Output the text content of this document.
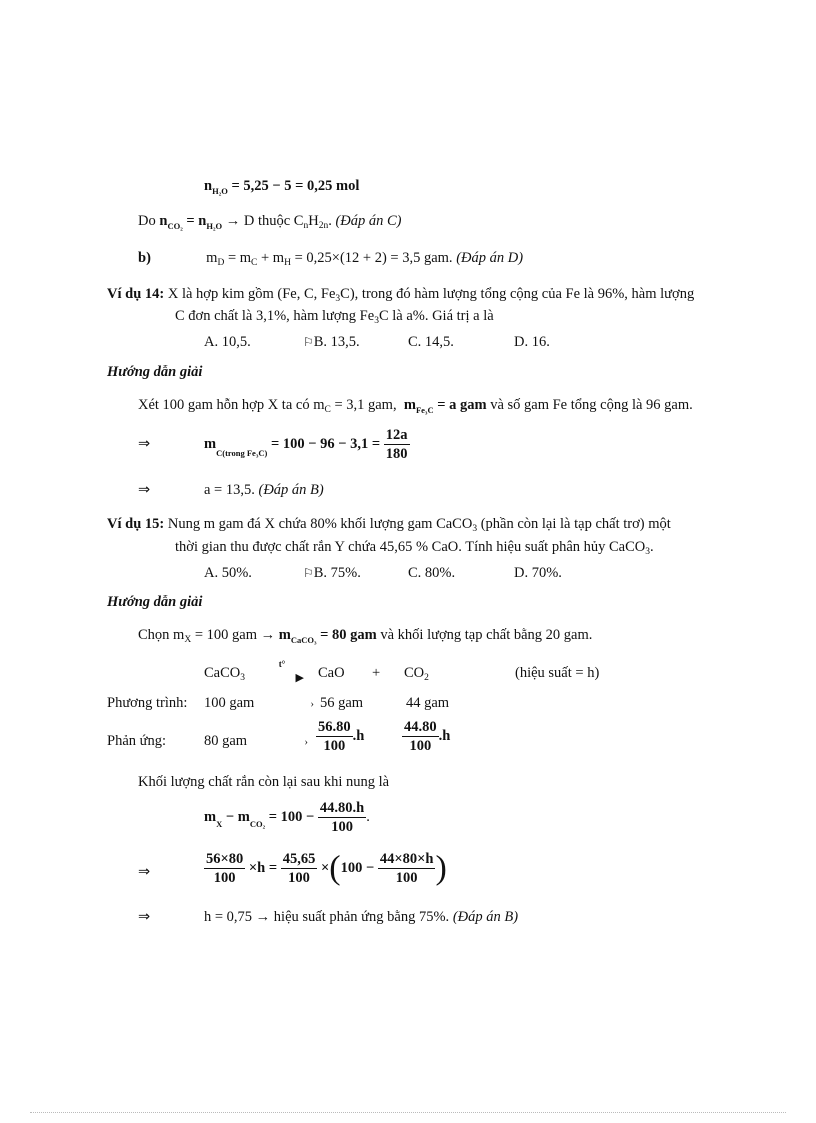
$n_{H_2O} = 5,25 - 5 = 0,25$ mol
Do $n_{CO_2} = n_{H_2O} \to D$ thuộc $C_nH_{2n}$. (Đáp án C)
b)	$m_D = m_C + m_H = 0,25\times(12 + 2) = 3,5$ gam. (Đáp án D)
Ví dụ 14: X là hợp kim gồm (Fe, C, $Fe_3C$), trong đó hàm lượng tổng cộng của Fe là 96%, hàm lượng
C đơn chất là 3,1%, hàm lượng $Fe_3C$ là a%. Giá trị a là
A. 10,5.	⚐B. 13,5.	C. 14,5.	D. 16.
Hướng dẫn giải
Xét 100 gam hỗn hợp X ta có $m_C = 3,1$ gam, $m_{Fe_3C} = a$ gam và số gam Fe tổng cộng là 96 gam.
⇒	$m_{C(trong Fe_3C)} = 100 - 96 - 3,1 = \frac{12a}{180}$
⇒	a = 13,5. (Đáp án B)
Ví dụ 15: Nung m gam đá X chứa 80% khối lượng gam CaCO$_3$ (phần còn lại là tạp chất trơ) một
thời gian thu được chất rắn Y chứa 45,65 % CaO. Tính hiệu suất phân hủy CaCO$_3$.
A. 50%.	⚐B. 75%.	C. 80%.	D. 70%.
Hướng dẫn giải
Chọn $m_X = 100$ gam → $m_{CaCO_3} = 80$ gam và khối lượng tạp chất bằng 20 gam.
CaCO$_3$
t°
▶ CaO + $CO_2$	(hiệu suất = h)
Phương trình: 100 gam	› 56 gam	44 gam
Phản ứng:	80 gam	› $\frac{56.80}{100} .h$	$\frac{44.80}{100} .h$
Khối lượng chất rắn còn lại sau khi nung là
$m_X - m_{CO_2} = 100 - \frac{44.80.h}{100}$ .
⇒	$\frac{56\times 80}{100} \times h = \frac{45,65}{100} \times(100 - \frac{44\times 80\times h}{100}$ )
⇒	h = 0,75 → hiệu suất phản ứng bằng 75%. (Đáp án B)
